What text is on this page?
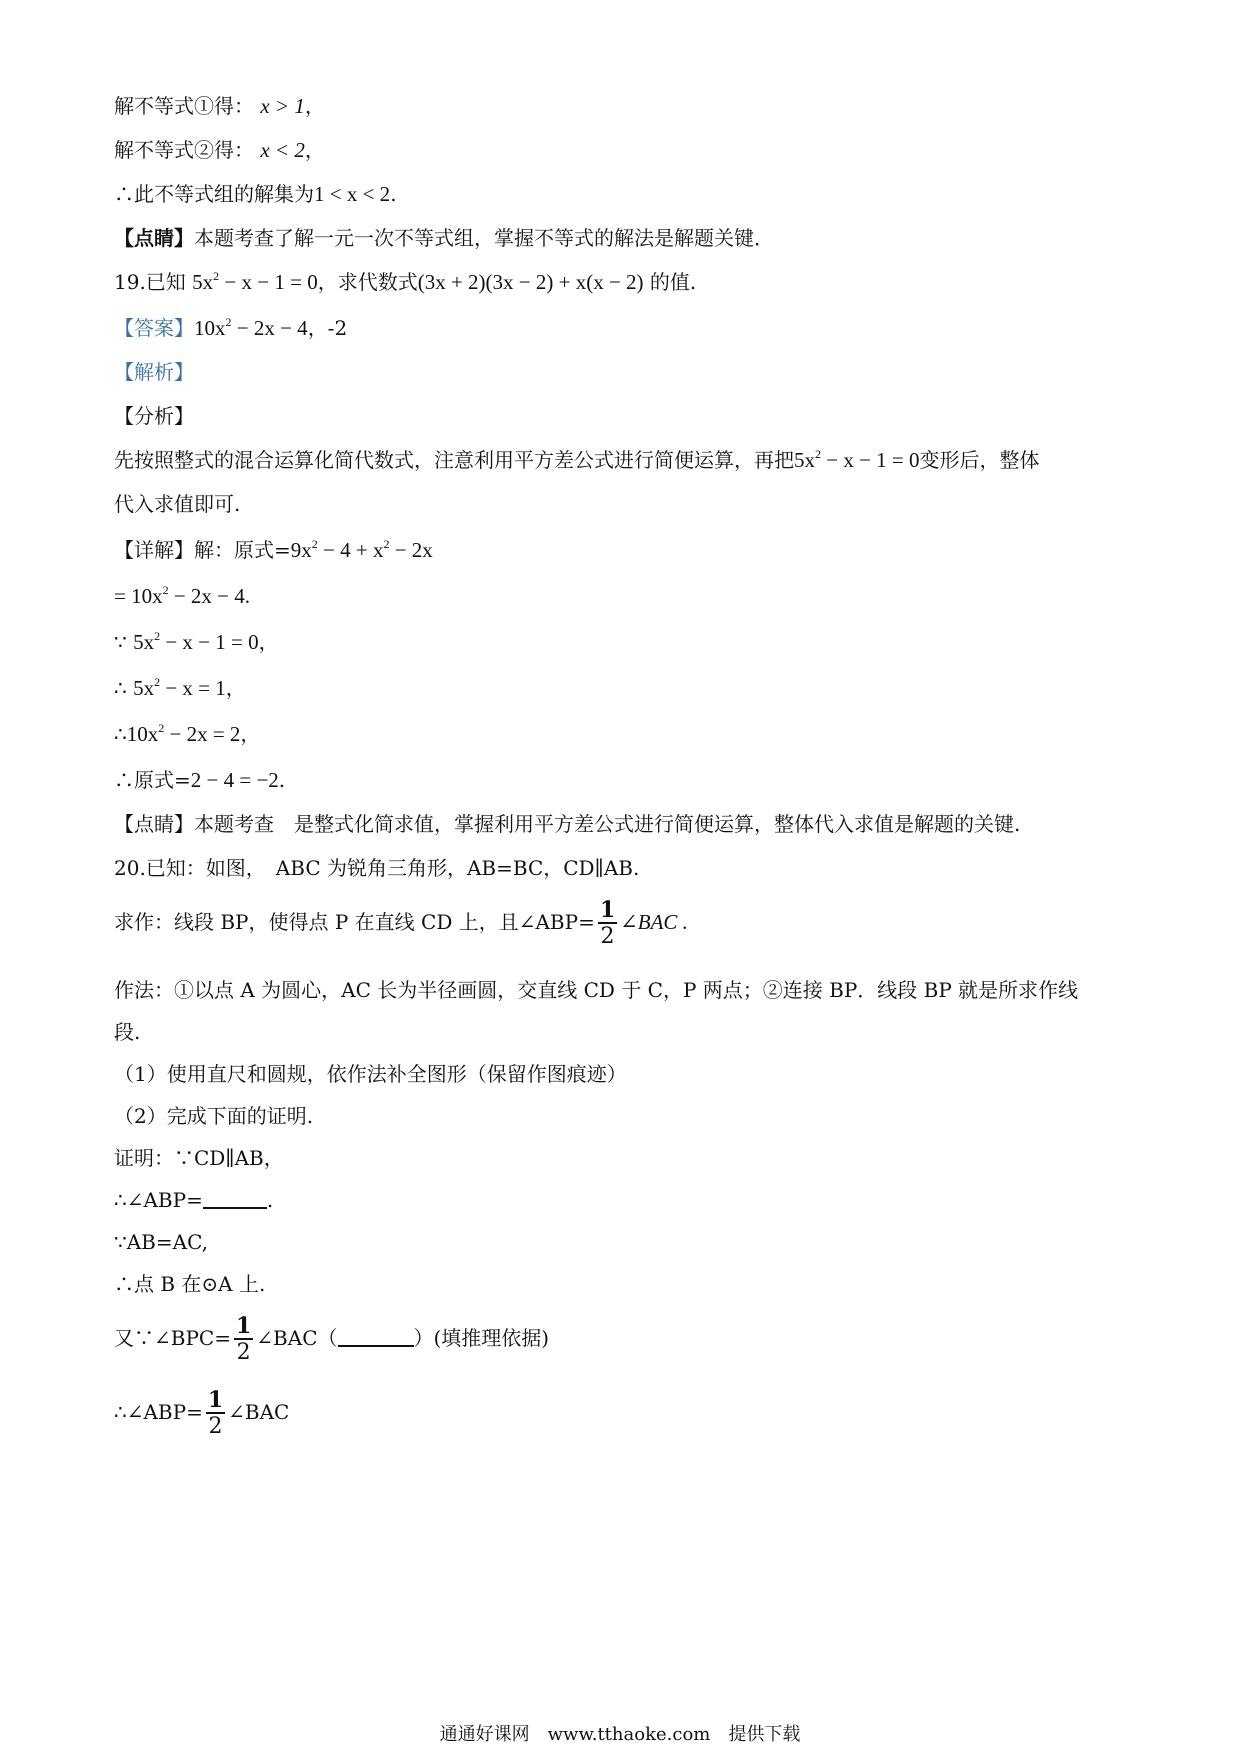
解不等式①得： x > 1，
解不等式②得： x < 2，
∴此不等式组的解集为1 < x < 2.
【点睛】本题考查了解一元一次不等式组，掌握不等式的解法是解题关键．
19.已知 $5x^2 - x - 1 = 0$，求代数式(3x + 2)(3x − 2) + x(x − 2) 的值.
【答案】$10x^2 - 2x - 4$，-2
【解析】
【分析】
先按照整式的混合运算化简代数式，注意利用平方差公式进行简便运算，再把$5x^2 - x - 1 = 0$变形后，整体
代入求值即可.
【详解】解：原式$=9x^2 - 4 + x^2 - 2x$
= $10x^2 - 2x - 4$.
∵ $5x^2 - x - 1 = 0$，
∴ $5x^2 - x = 1$，
$\therefore 10x^2 - 2x = 2$，
∴原式=2 − 4 = −2.
【点睛】本题考查　是整式化简求值，掌握利用平方差公式进行简便运算，整体代入求值是解题的关键.
20.已知：如图，　ABC 为锐角三角形，AB=BC，CD∥AB.
求作：线段 BP，使得点 P 在直线 CD 上，且∠ABP= $\frac{1}{2}$ ∠BAC .
作法：①以点 A 为圆心，AC 长为半径画圆，交直线 CD 于 C，P 两点；②连接 BP．线段 BP 就是所求作线
段.
（1）使用直尺和圆规，依作法补全图形（保留作图痕迹）
（2）完成下面的证明.
证明：∵CD∥AB，
∴∠ABP=	.
∵AB=AC,
∴点 B 在⊙A 上.
又∵∠BPC= $\frac{1}{2}$ ∠BAC（	）(填推理依据)
∴∠ABP= $\frac{1}{2}$ ∠BAC
通通好课网　www.tthaoke.com　提供下载
